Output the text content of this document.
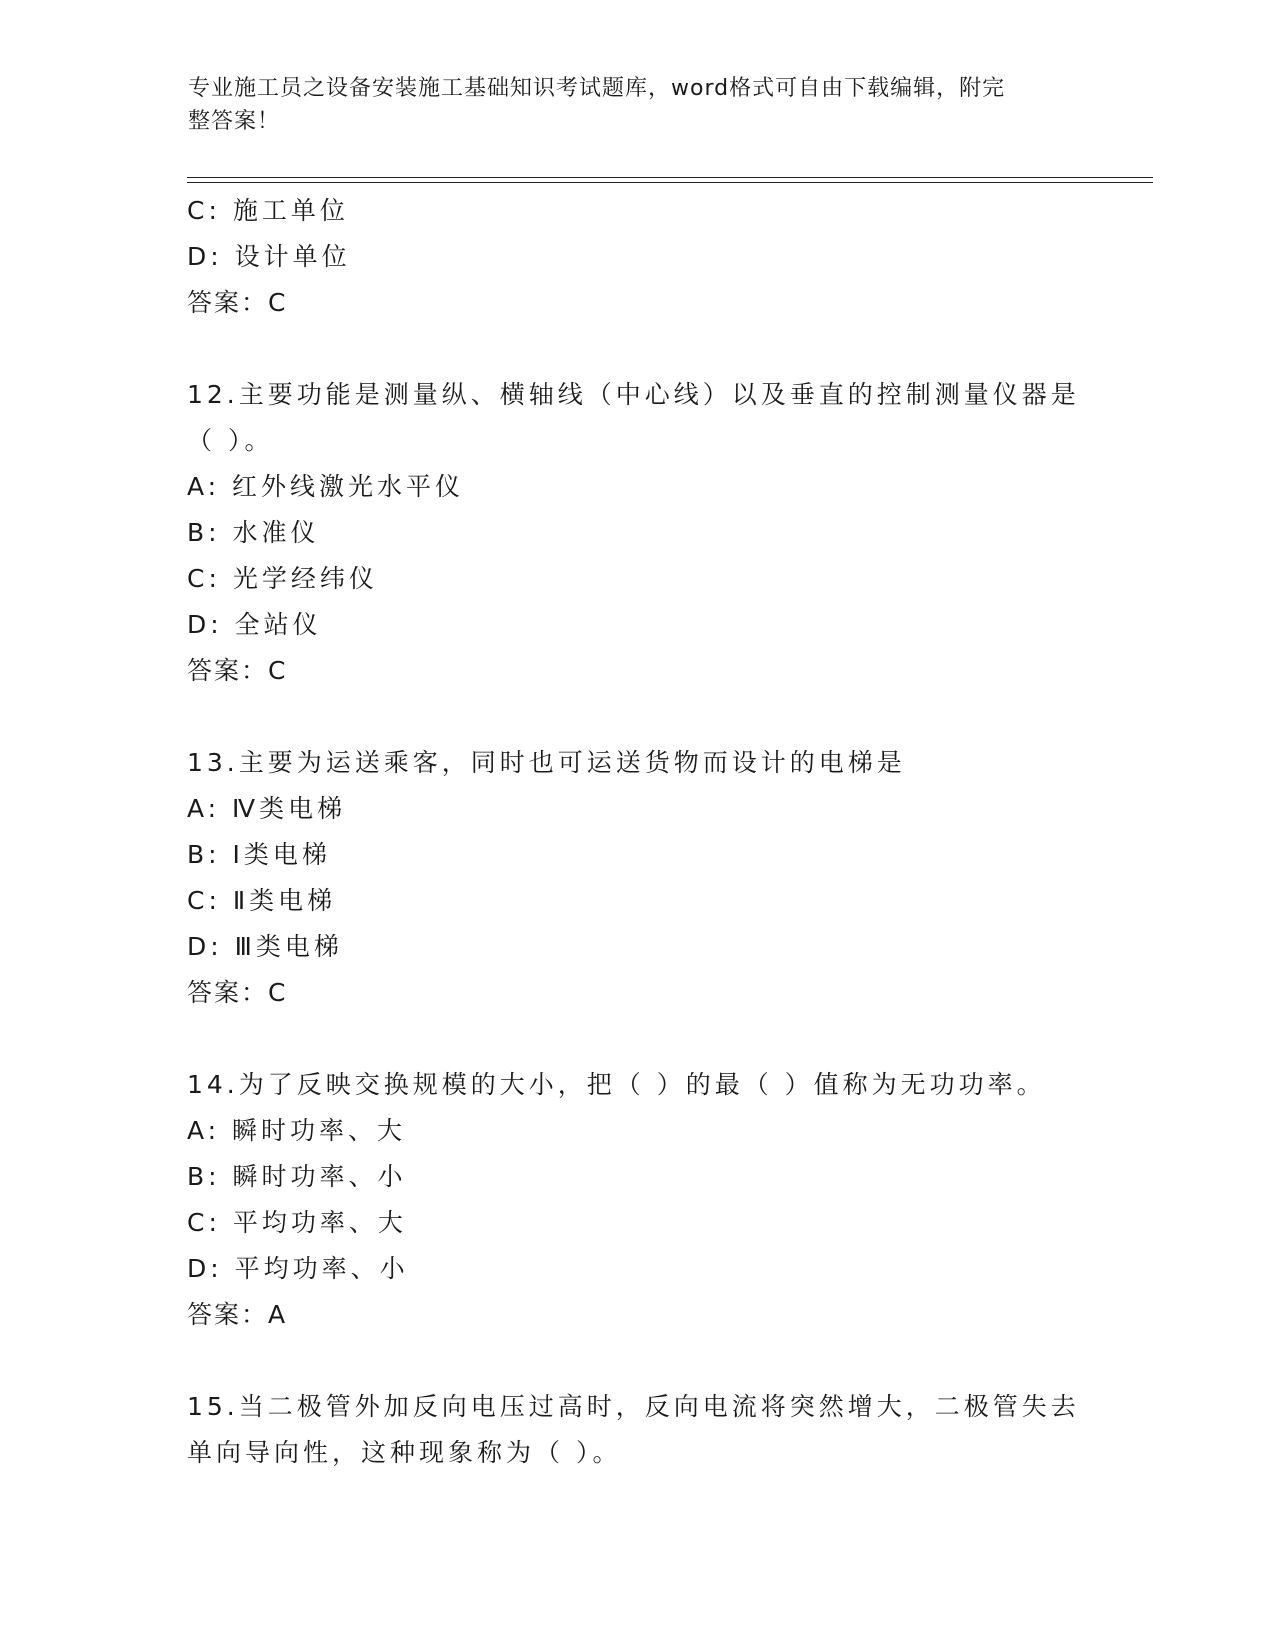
专业施工员之设备安装施工基础知识考试题库，word格式可自由下载编辑，附完
整答案！
C: 施工单位
D: 设计单位
答案：C
12.主要功能是测量纵、横轴线（中心线）以及垂直的控制测量仪器是
（ ）。
A: 红外线激光水平仪
B: 水准仪
C: 光学经纬仪
D: 全站仪
答案：C
13.主要为运送乘客，同时也可运送货物而设计的电梯是
A: Ⅳ类电梯
B: Ⅰ类电梯
C: Ⅱ类电梯
D: Ⅲ类电梯
答案：C
14.为了反映交换规模的大小，把（ ）的最（ ）值称为无功功率。
A: 瞬时功率、大
B: 瞬时功率、小
C: 平均功率、大
D: 平均功率、小
答案：A
15.当二极管外加反向电压过高时，反向电流将突然增大，二极管失去
单向导向性，这种现象称为（ ）。
